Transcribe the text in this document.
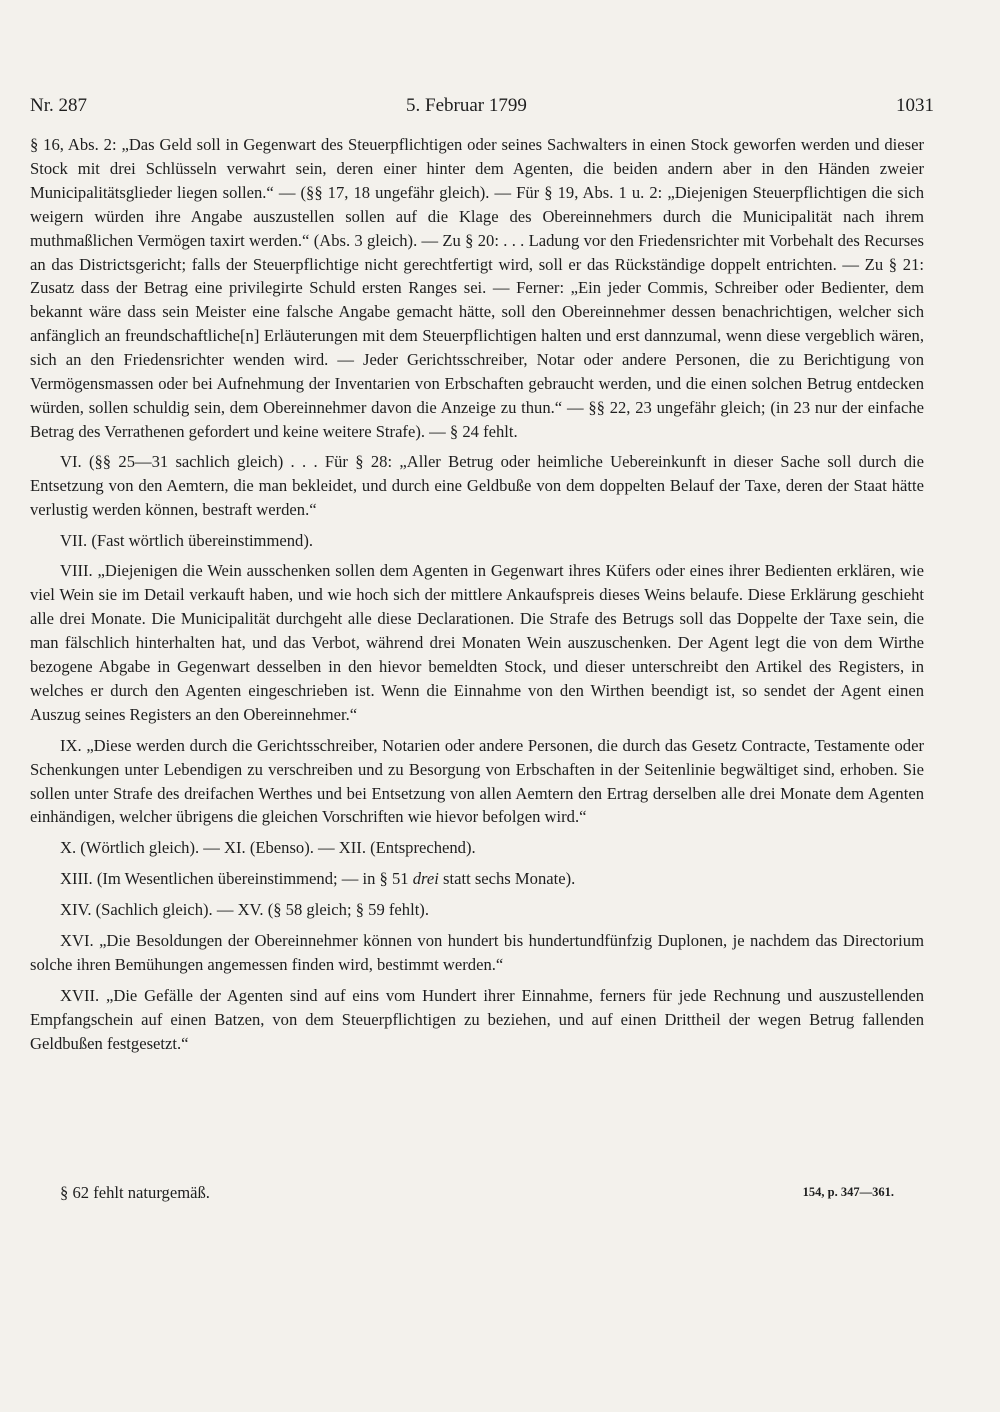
Nr. 287	5. Februar 1799	1031

§ 16, Abs. 2: „Das Geld soll in Gegenwart des Steuerpflichtigen oder seines Sachwalters in einen Stock geworfen werden und dieser Stock mit drei Schlüsseln verwahrt sein, deren einer hinter dem Agenten, die beiden andern aber in den Händen zweier Municipalitätsglieder liegen sollen.“ — (§§ 17, 18 ungefähr gleich). — Für § 19, Abs. 1 u. 2: „Diejenigen Steuerpflichtigen die sich weigern würden ihre Angabe auszustellen sollen auf die Klage des Obereinnehmers durch die Municipalität nach ihrem muthmaßlichen Vermögen taxirt werden.“ (Abs. 3 gleich). — Zu § 20: . . . Ladung vor den Friedensrichter mit Vorbehalt des Recurses an das Districtsgericht; falls der Steuerpflichtige nicht gerechtfertigt wird, soll er das Rückständige doppelt entrichten. — Zu § 21: Zusatz dass der Betrag eine privilegirte Schuld ersten Ranges sei. — Ferner: „Ein jeder Commis, Schreiber oder Bedienter, dem bekannt wäre dass sein Meister eine falsche Angabe gemacht hätte, soll den Obereinnehmer dessen benachrichtigen, welcher sich anfänglich an freundschaftliche[n] Erläuterungen mit dem Steuerpflichtigen halten und erst dannzumal, wenn diese vergeblich wären, sich an den Friedensrichter wenden wird. — Jeder Gerichtsschreiber, Notar oder andere Personen, die zu Berichtigung von Vermögensmassen oder bei Aufnehmung der Inventarien von Erbschaften gebraucht werden, und die einen solchen Betrug entdecken würden, sollen schuldig sein, dem Obereinnehmer davon die Anzeige zu thun.“ — §§ 22, 23 ungefähr gleich; (in 23 nur der einfache Betrag des Verrathenen gefordert und keine weitere Strafe). — § 24 fehlt.

VI. (§§ 25—31 sachlich gleich) . . . Für § 28: „Aller Betrug oder heimliche Uebereinkunft in dieser Sache soll durch die Entsetzung von den Aemtern, die man bekleidet, und durch eine Geldbuße von dem doppelten Belauf der Taxe, deren der Staat hätte verlustig werden können, bestraft werden.“

VII. (Fast wörtlich übereinstimmend).

VIII. „Diejenigen die Wein ausschenken sollen dem Agenten in Gegenwart ihres Küfers oder eines ihrer Bedienten erklären, wie viel Wein sie im Detail verkauft haben, und wie hoch sich der mittlere Ankaufspreis dieses Weins belaufe. Diese Erklärung geschieht alle drei Monate. Die Municipalität durchgeht alle diese Declarationen. Die Strafe des Betrugs soll das Doppelte der Taxe sein, die man fälschlich hinterhalten hat, und das Verbot, während drei Monaten Wein auszuschenken. Der Agent legt die von dem Wirthe bezogene Abgabe in Gegenwart desselben in den hievor bemeldten Stock, und dieser unterschreibt den Artikel des Registers, in welches er durch den Agenten eingeschrieben ist. Wenn die Einnahme von den Wirthen beendigt ist, so sendet der Agent einen Auszug seines Registers an den Obereinnehmer.“

IX. „Diese werden durch die Gerichtsschreiber, Notarien oder andere Personen, die durch das Gesetz Contracte, Testamente oder Schenkungen unter Lebendigen zu verschreiben und zu Besorgung von Erbschaften in der Seitenlinie begwältiget sind, erhoben. Sie sollen unter Strafe des dreifachen Werthes und bei Entsetzung von allen Aemtern den Ertrag derselben alle drei Monate dem Agenten einhändigen, welcher übrigens die gleichen Vorschriften wie hievor befolgen wird.“

X. (Wörtlich gleich). — XI. (Ebenso). — XII. (Entsprechend).

XIII. (Im Wesentlichen übereinstimmend; — in § 51 drei statt sechs Monate).

XIV. (Sachlich gleich). — XV. (§ 58 gleich; § 59 fehlt).

XVI. „Die Besoldungen der Obereinnehmer können von hundert bis hundertundfünfzig Duplonen, je nachdem das Directorium solche ihren Bemühungen angemessen finden wird, bestimmt werden.“

XVII. „Die Gefälle der Agenten sind auf eins vom Hundert ihrer Einnahme, ferners für jede Rechnung und auszustellenden Empfangschein auf einen Batzen, von dem Steuerpflichtigen zu beziehen, und auf einen Drittheil der wegen Betrug fallenden Geldbußen festgesetzt.“

§ 62 fehlt naturgemäß.	154, p. 347—361.
